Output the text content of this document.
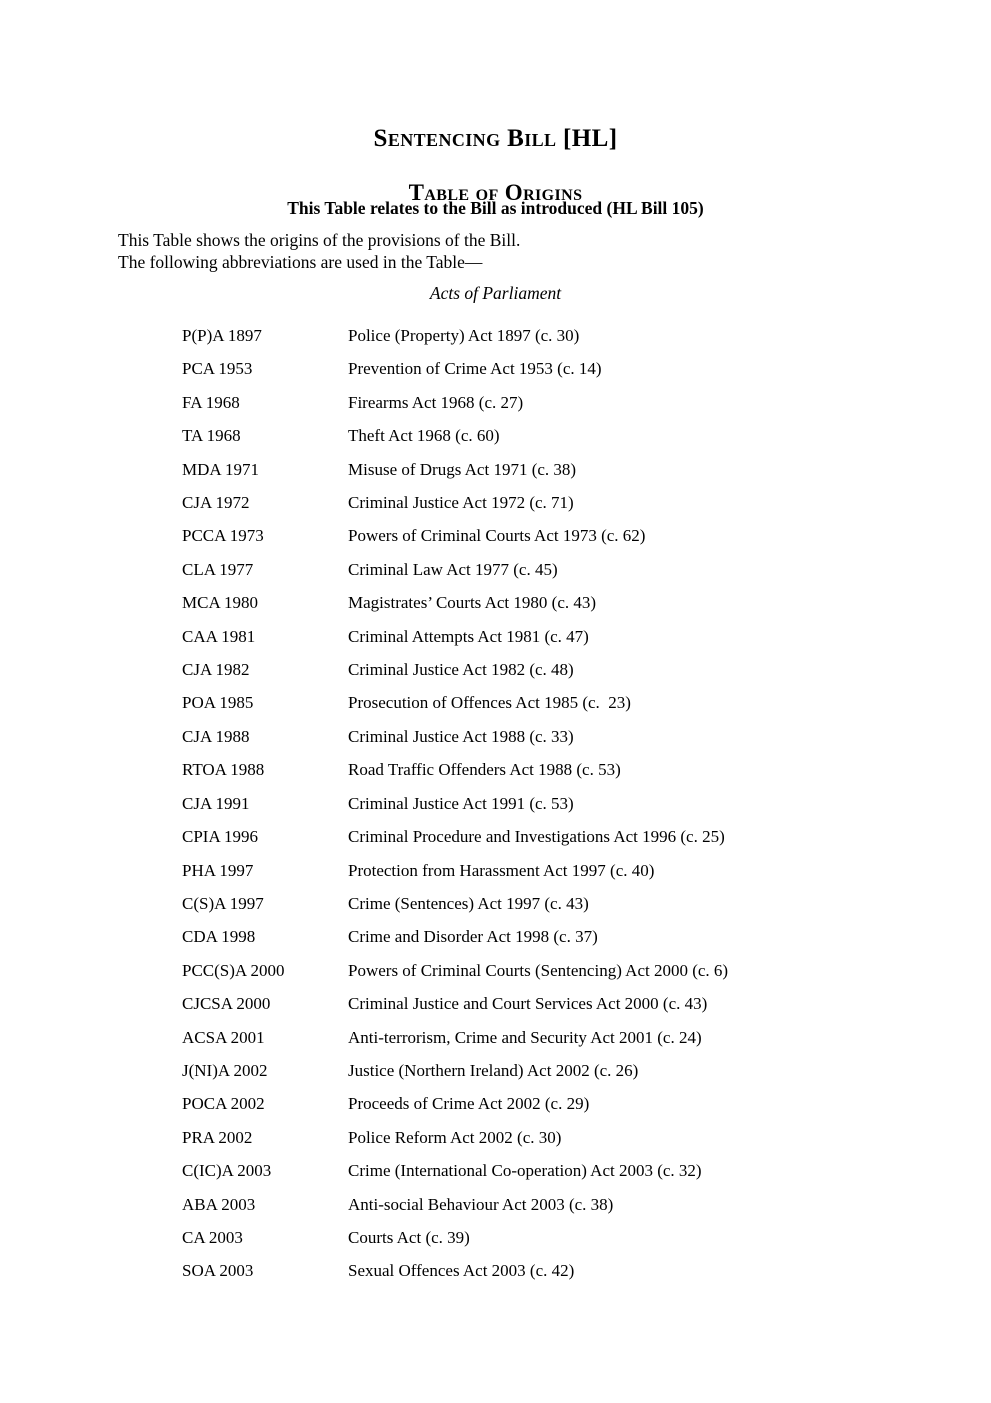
Sentencing Bill [HL]
Table of Origins
This Table relates to the Bill as introduced (HL Bill 105)
This Table shows the origins of the provisions of the Bill.
The following abbreviations are used in the Table—
Acts of Parliament
P(P)A 1897	Police (Property) Act 1897 (c. 30)
PCA 1953	Prevention of Crime Act 1953 (c. 14)
FA 1968	Firearms Act 1968 (c. 27)
TA 1968	Theft Act 1968 (c. 60)
MDA 1971	Misuse of Drugs Act 1971 (c. 38)
CJA 1972	Criminal Justice Act 1972 (c. 71)
PCCA 1973	Powers of Criminal Courts Act 1973 (c. 62)
CLA 1977	Criminal Law Act 1977 (c. 45)
MCA 1980	Magistrates’ Courts Act 1980 (c. 43)
CAA 1981	Criminal Attempts Act 1981 (c. 47)
CJA 1982	Criminal Justice Act 1982 (c. 48)
POA 1985	Prosecution of Offences Act 1985 (c.  23)
CJA 1988	Criminal Justice Act 1988 (c. 33)
RTOA 1988	Road Traffic Offenders Act 1988 (c. 53)
CJA 1991	Criminal Justice Act 1991 (c. 53)
CPIA 1996	Criminal Procedure and Investigations Act 1996 (c. 25)
PHA 1997	Protection from Harassment Act 1997 (c. 40)
C(S)A 1997	Crime (Sentences) Act 1997 (c. 43)
CDA 1998	Crime and Disorder Act 1998 (c. 37)
PCC(S)A 2000	Powers of Criminal Courts (Sentencing) Act 2000 (c. 6)
CJCSA 2000	Criminal Justice and Court Services Act 2000 (c. 43)
ACSA 2001	Anti-terrorism, Crime and Security Act 2001 (c. 24)
J(NI)A 2002	Justice (Northern Ireland) Act 2002 (c. 26)
POCA 2002	Proceeds of Crime Act 2002 (c. 29)
PRA 2002	Police Reform Act 2002 (c. 30)
C(IC)A 2003	Crime (International Co-operation) Act 2003 (c. 32)
ABA 2003	Anti-social Behaviour Act 2003 (c. 38)
CA 2003	Courts Act (c. 39)
SOA 2003	Sexual Offences Act 2003 (c. 42)
